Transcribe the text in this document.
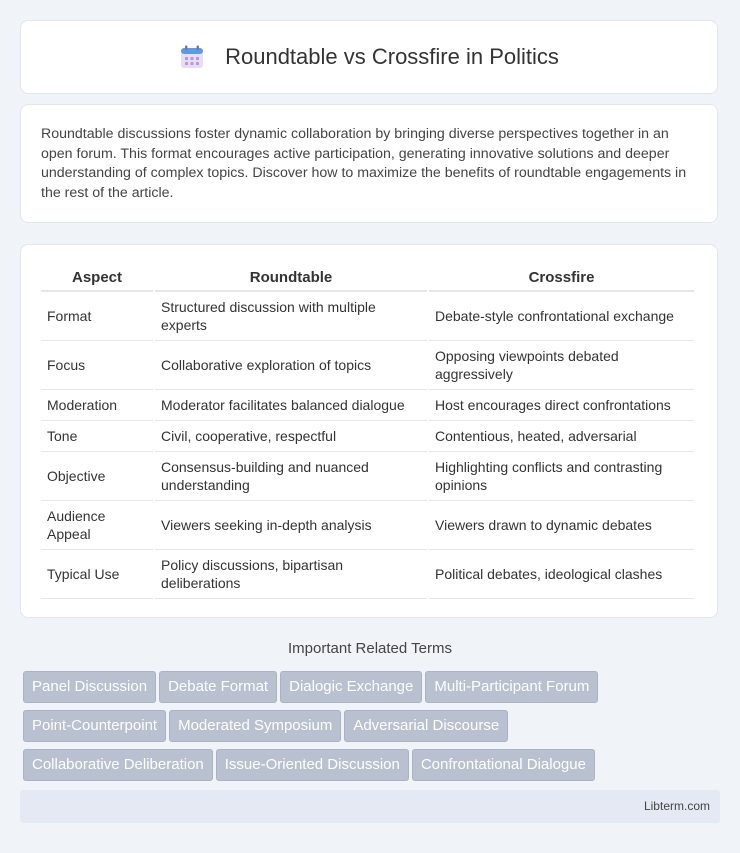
Roundtable vs Crossfire in Politics
Roundtable discussions foster dynamic collaboration by bringing diverse perspectives together in an open forum. This format encourages active participation, generating innovative solutions and deeper understanding of complex topics. Discover how to maximize the benefits of roundtable engagements in the rest of the article.
Aspect	Roundtable	Crossfire
Format	Structured discussion with multiple experts	Debate-style confrontational exchange
Focus	Collaborative exploration of topics	Opposing viewpoints debated aggressively
Moderation	Moderator facilitates balanced dialogue	Host encourages direct confrontations
Tone	Civil, cooperative, respectful	Contentious, heated, adversarial
Objective	Consensus-building and nuanced understanding	Highlighting conflicts and contrasting opinions
Audience Appeal	Viewers seeking in-depth analysis	Viewers drawn to dynamic debates
Typical Use	Policy discussions, bipartisan deliberations	Political debates, ideological clashes
Important Related Terms
Panel Discussion Debate Format Dialogic Exchange Multi-Participant Forum
Point-Counterpoint Moderated Symposium Adversarial Discourse
Collaborative Deliberation Issue-Oriented Discussion Confrontational Dialogue
Libterm.com
